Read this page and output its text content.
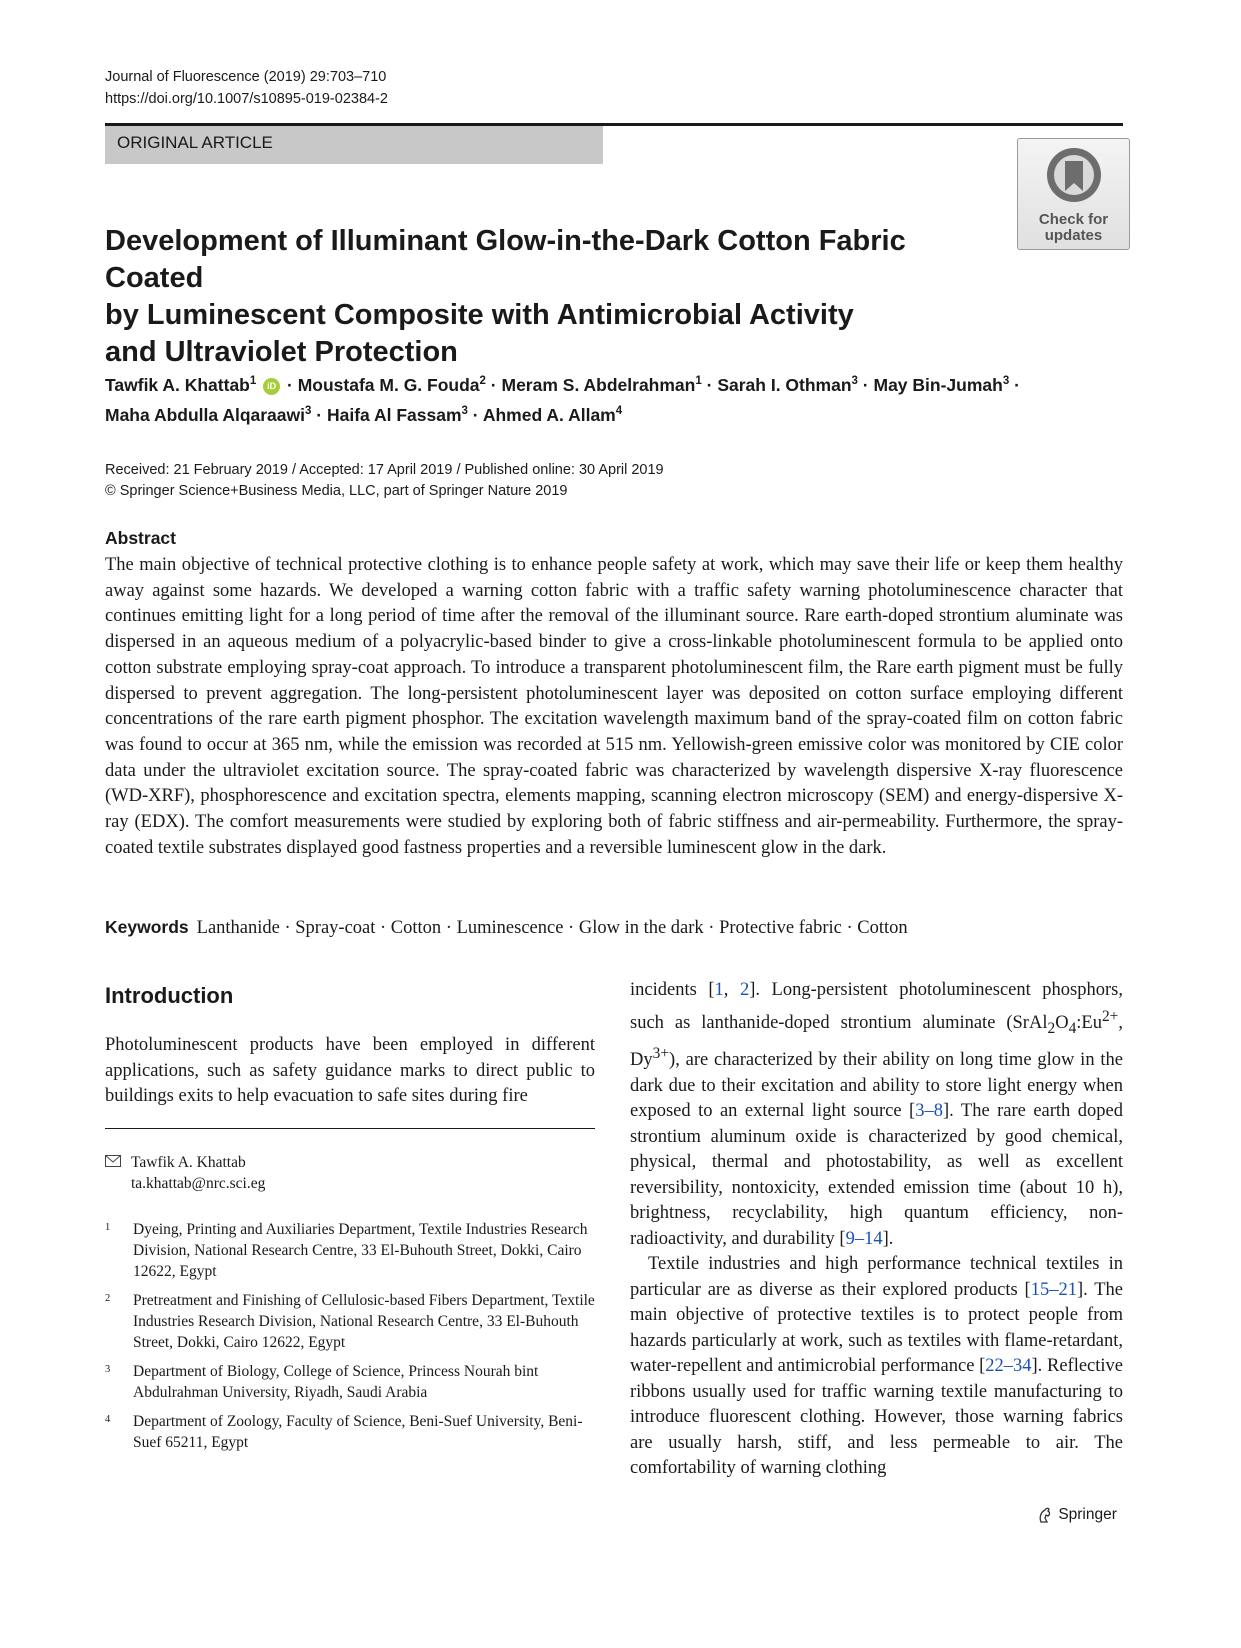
Journal of Fluorescence (2019) 29:703–710
https://doi.org/10.1007/s10895-019-02384-2
ORIGINAL ARTICLE
Check for
updates
Development of Illuminant Glow-in-the-Dark Cotton Fabric Coated
by Luminescent Composite with Antimicrobial Activity
and Ultraviolet Protection
Tawfik A. Khattab$^1$ iD · Moustafa M. G. Fouda$^2$ · Meram S. Abdelrahman$^1$ · Sarah I. Othman$^3$ · May Bin-Jumah$^3$ ·
Maha Abdulla Alqaraawi$^3$ · Haifa Al Fassam$^3$ · Ahmed A. Allam$^4$
Received: 21 February 2019 / Accepted: 17 April 2019 / Published online: 30 April 2019
© Springer Science+Business Media, LLC, part of Springer Nature 2019
Abstract
The main objective of technical protective clothing is to enhance people safety at work, which may save their life or keep them healthy away against some hazards. We developed a warning cotton fabric with a traffic safety warning photoluminescence character that continues emitting light for a long period of time after the removal of the illuminant source. Rare earth-doped strontium aluminate was dispersed in an aqueous medium of a polyacrylic-based binder to give a cross-linkable photoluminescent formula to be applied onto cotton substrate employing spray-coat approach. To introduce a transparent photoluminescent film, the Rare earth pigment must be fully dispersed to prevent aggregation. The long-persistent photoluminescent layer was deposited on cotton surface employing different concentrations of the rare earth pigment phosphor. The excitation wavelength maximum band of the spray-coated film on cotton fabric was found to occur at 365 nm, while the emission was recorded at 515 nm. Yellowish-green emissive color was monitored by CIE color data under the ultraviolet excitation source. The spray-coated fabric was characterized by wavelength dispersive X-ray fluorescence (WD-XRF), phosphorescence and excitation spectra, elements mapping, scanning electron microscopy (SEM) and energy-dispersive X-ray (EDX). The comfort measurements were studied by exploring both of fabric stiffness and air-permeability. Furthermore, the spray-coated textile substrates displayed good fastness properties and a reversible luminescent glow in the dark.
Keywords Lanthanide · Spray-coat · Cotton · Luminescence · Glow in the dark · Protective fabric · Cotton
Introduction
Photoluminescent products have been employed in different applications, such as safety guidance marks to direct public to buildings exits to help evacuation to safe sites during fire
Tawfik A. Khattab
ta.khattab@nrc.sci.eg
1 Dyeing, Printing and Auxiliaries Department, Textile Industries Research Division, National Research Centre, 33 El-Buhouth Street, Dokki, Cairo 12622, Egypt
2 Pretreatment and Finishing of Cellulosic-based Fibers Department, Textile Industries Research Division, National Research Centre, 33 El-Buhouth Street, Dokki, Cairo 12622, Egypt
3 Department of Biology, College of Science, Princess Nourah bint Abdulrahman University, Riyadh, Saudi Arabia
4 Department of Zoology, Faculty of Science, Beni-Suef University, Beni-Suef 65211, Egypt

incidents [1, 2]. Long-persistent photoluminescent phosphors, such as lanthanide-doped strontium aluminate ($SrAl_2O_4:Eu^{2+}$, $Dy^{3+}$), are characterized by their ability on long time glow in the dark due to their excitation and ability to store light energy when exposed to an external light source [3–8]. The rare earth doped strontium aluminum oxide is characterized by good chemical, physical, thermal and photostability, as well as excellent reversibility, nontoxicity, extended emission time (about 10 h), brightness, recyclability, high quantum efficiency, non-radioactivity, and durability [9–14].

Textile industries and high performance technical textiles in particular are as diverse as their explored products [15–21]. The main objective of protective textiles is to protect people from hazards particularly at work, such as textiles with flame-retardant, water-repellent and antimicrobial performance [22–34]. Reflective ribbons usually used for traffic warning textile manufacturing to introduce fluorescent clothing. However, those warning fabrics are usually harsh, stiff, and less permeable to air. The comfortability of warning clothing

Springer
